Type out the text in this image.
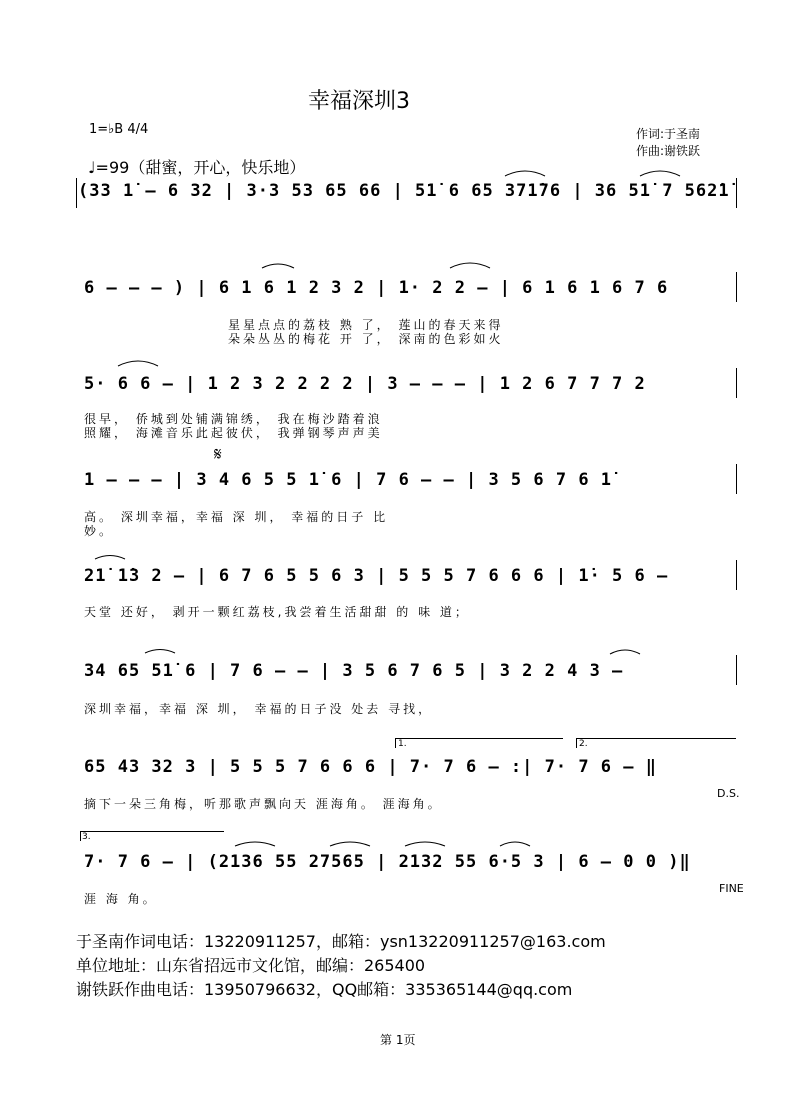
幸福深圳3
1=♭B 4/4	作词:于圣南
作曲:谢铁跃
♩=99（甜蜜，开心，快乐地）
(33 1̇ – 6 32 | 3·3 53 65 66 | 51̇ 6 65 371̇76 | 36 51̇ 7 562̇1̇
6 – – – ) | 6 1 6 1 2 3 2 | 1· 2 2 – | 6 1 6 1 6 7 6
星星点点的荔枝 熟 了， 莲山的春天来得
朵朵丛丛的梅花 开 了， 深南的色彩如火
5· 6 6 – | 1 2 3 2 2 2 2 | 3 – – – | 1 2 6 7 7 7 2
很早， 侨城到处铺满锦绣， 我在梅沙踏着浪
照耀， 海滩音乐此起彼伏， 我弹钢琴声声美
𝄋
1 – – – | 3 4 6 5 5 1̇ 6 | 7 6 – – | 3 5 6 7 6 1̇
高。 深圳幸福，幸福 深 圳， 幸福的日子 比
妙。
21̇ 1̇3 2 – | 6 7 6 5 5 6 3 | 5 5 5 7 6 6 6 | 1̇· 5 6 –
天堂 还好， 剥开一颗红荔枝,我尝着生活甜甜 的 味 道；
34 65 51̇ 6 | 7 6 – – | 3 5 6 7 6 5 | 3 2 2 4 3 –
深圳幸福，幸福 深 圳， 幸福的日子没 处去 寻找，
1.	2.
65 43 32 3 | 5 5 5 7 6 6 6 | 7· 7 6 – :| 7· 7 6 – ‖
摘下一朵三角梅，听那歌声飘向天 涯海角。 涯海角。
D.S.
3.
7· 7 6 – | (2136 55 27565 | 2132 55 6·5 3 | 6 – 0 0 )‖
涯 海 角。
FINE
于圣南作词电话：13220911257，邮箱：ysn13220911257@163.com
单位地址：山东省招远市文化馆，邮编：265400
谢铁跃作曲电话：13950796632，QQ邮箱：335365144@qq.com
第 1页
